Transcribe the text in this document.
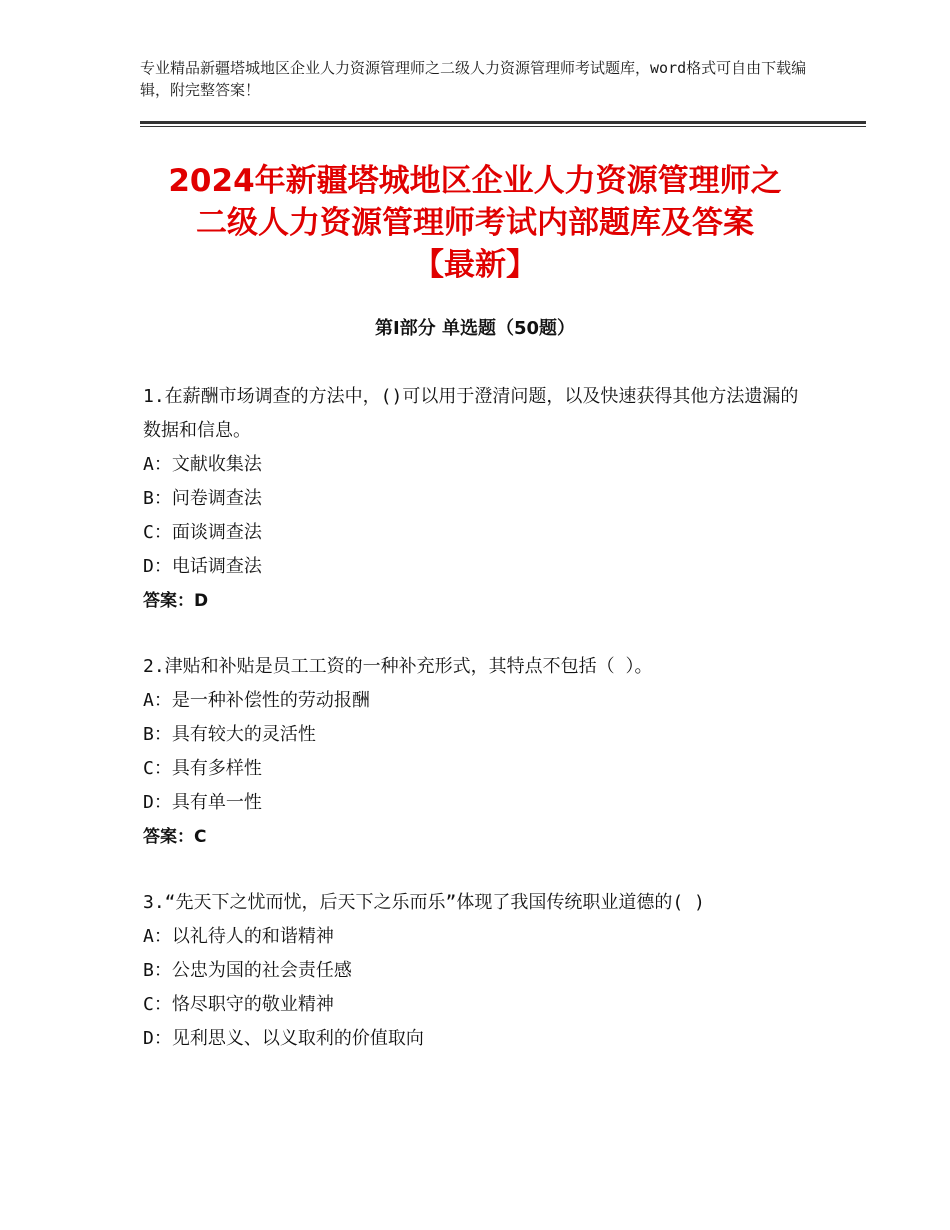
专业精品新疆塔城地区企业人力资源管理师之二级人力资源管理师考试题库，word格式可自由下载编辑，附完整答案！
2024年新疆塔城地区企业人力资源管理师之
二级人力资源管理师考试内部题库及答案
【最新】
第Ⅰ部分 单选题（50题）

1.在薪酬市场调查的方法中，()可以用于澄清问题，以及快速获得其他方法遗漏的数据和信息。

A：文献收集法

B：问卷调查法

C：面谈调查法

D：电话调查法

答案：D

2.津贴和补贴是员工工资的一种补充形式，其特点不包括（ ）。

A：是一种补偿性的劳动报酬

B：具有较大的灵活性

C：具有多样性

D：具有单一性

答案：C

3.“先天下之忧而忧，后天下之乐而乐”体现了我国传统职业道德的( )

A：以礼待人的和谐精神

B：公忠为国的社会责任感

C：恪尽职守的敬业精神

D：见利思义、以义取利的价值取向
